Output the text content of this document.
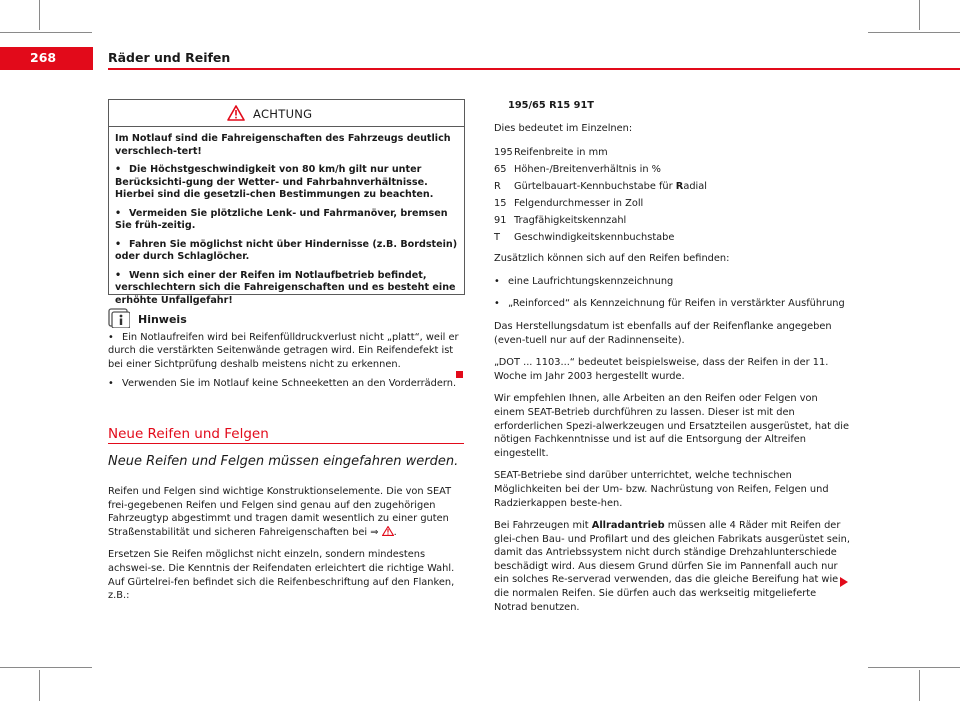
268	Räder und Reifen
ACHTUNG

Im Notlauf sind die Fahreigenschaften des Fahrzeugs deutlich verschlech-tert!

• Die Höchstgeschwindigkeit von 80 km/h gilt nur unter Berücksichti-gung der Wetter- und Fahrbahnverhältnisse. Hierbei sind die gesetzli-chen Bestimmungen zu beachten.

• Vermeiden Sie plötzliche Lenk- und Fahrmanöver, bremsen Sie früh-zeitig.

• Fahren Sie möglichst nicht über Hindernisse (z.B. Bordstein) oder durch Schlaglöcher.

• Wenn sich einer der Reifen im Notlaufbetrieb befindet, verschlechtern sich die Fahreigenschaften und es besteht eine erhöhte Unfallgefahr!

Hinweis

• Ein Notlaufreifen wird bei Reifenfülldruckverlust nicht „platt“, weil er durch die verstärkten Seitenwände getragen wird. Ein Reifendefekt ist bei einer Sichtprüfung deshalb meistens nicht zu erkennen.

• Verwenden Sie im Notlauf keine Schneeketten an den Vorderrädern.

Neue Reifen und Felgen
Neue Reifen und Felgen müssen eingefahren werden.

Reifen und Felgen sind wichtige Konstruktionselemente. Die von SEAT frei-gegebenen Reifen und Felgen sind genau auf den zugehörigen Fahrzeugtyp abgestimmt und tragen damit wesentlich zu einer guten Straßenstabilität und sicheren Fahreigenschaften bei ⇒ .

Ersetzen Sie Reifen möglichst nicht einzeln, sondern mindestens achswei-se. Die Kenntnis der Reifendaten erleichtert die richtige Wahl. Auf Gürtelrei-fen befindet sich die Reifenbeschriftung auf den Flanken, z.B.:

195/65 R15 91T

Dies bedeutet im Einzelnen:

195	Reifenbreite in mm
65	Höhen-/Breitenverhältnis in %
R	Gürtelbauart-Kennbuchstabe für Radial
15	Felgendurchmesser in Zoll
91	Tragfähigkeitskennzahl
T	Geschwindigkeitskennbuchstabe

Zusätzlich können sich auf den Reifen befinden:

• eine Laufrichtungskennzeichnung

• „Reinforced“ als Kennzeichnung für Reifen in verstärkter Ausführung

Das Herstellungsdatum ist ebenfalls auf der Reifenflanke angegeben (even-tuell nur auf der Radinnenseite).

„DOT ... 1103...“ bedeutet beispielsweise, dass der Reifen in der 11. Woche im Jahr 2003 hergestellt wurde.

Wir empfehlen Ihnen, alle Arbeiten an den Reifen oder Felgen von einem SEAT-Betrieb durchführen zu lassen. Dieser ist mit den erforderlichen Spezi-alwerkzeugen und Ersatzteilen ausgerüstet, hat die nötigen Fachkenntnisse und ist auf die Entsorgung der Altreifen eingestellt.

SEAT-Betriebe sind darüber unterrichtet, welche technischen Möglichkeiten bei der Um- bzw. Nachrüstung von Reifen, Felgen und Radzierkappen beste-hen.

Bei Fahrzeugen mit Allradantrieb müssen alle 4 Räder mit Reifen der glei-chen Bau- und Profilart und des gleichen Fabrikats ausgerüstet sein, damit das Antriebssystem nicht durch ständige Drehzahlunterschiede beschädigt wird. Aus diesem Grund dürfen Sie im Pannenfall auch nur ein solches Re-serverad verwenden, das die gleiche Bereifung hat wie die normalen Reifen. Sie dürfen auch das werkseitig mitgelieferte Notrad benutzen.
